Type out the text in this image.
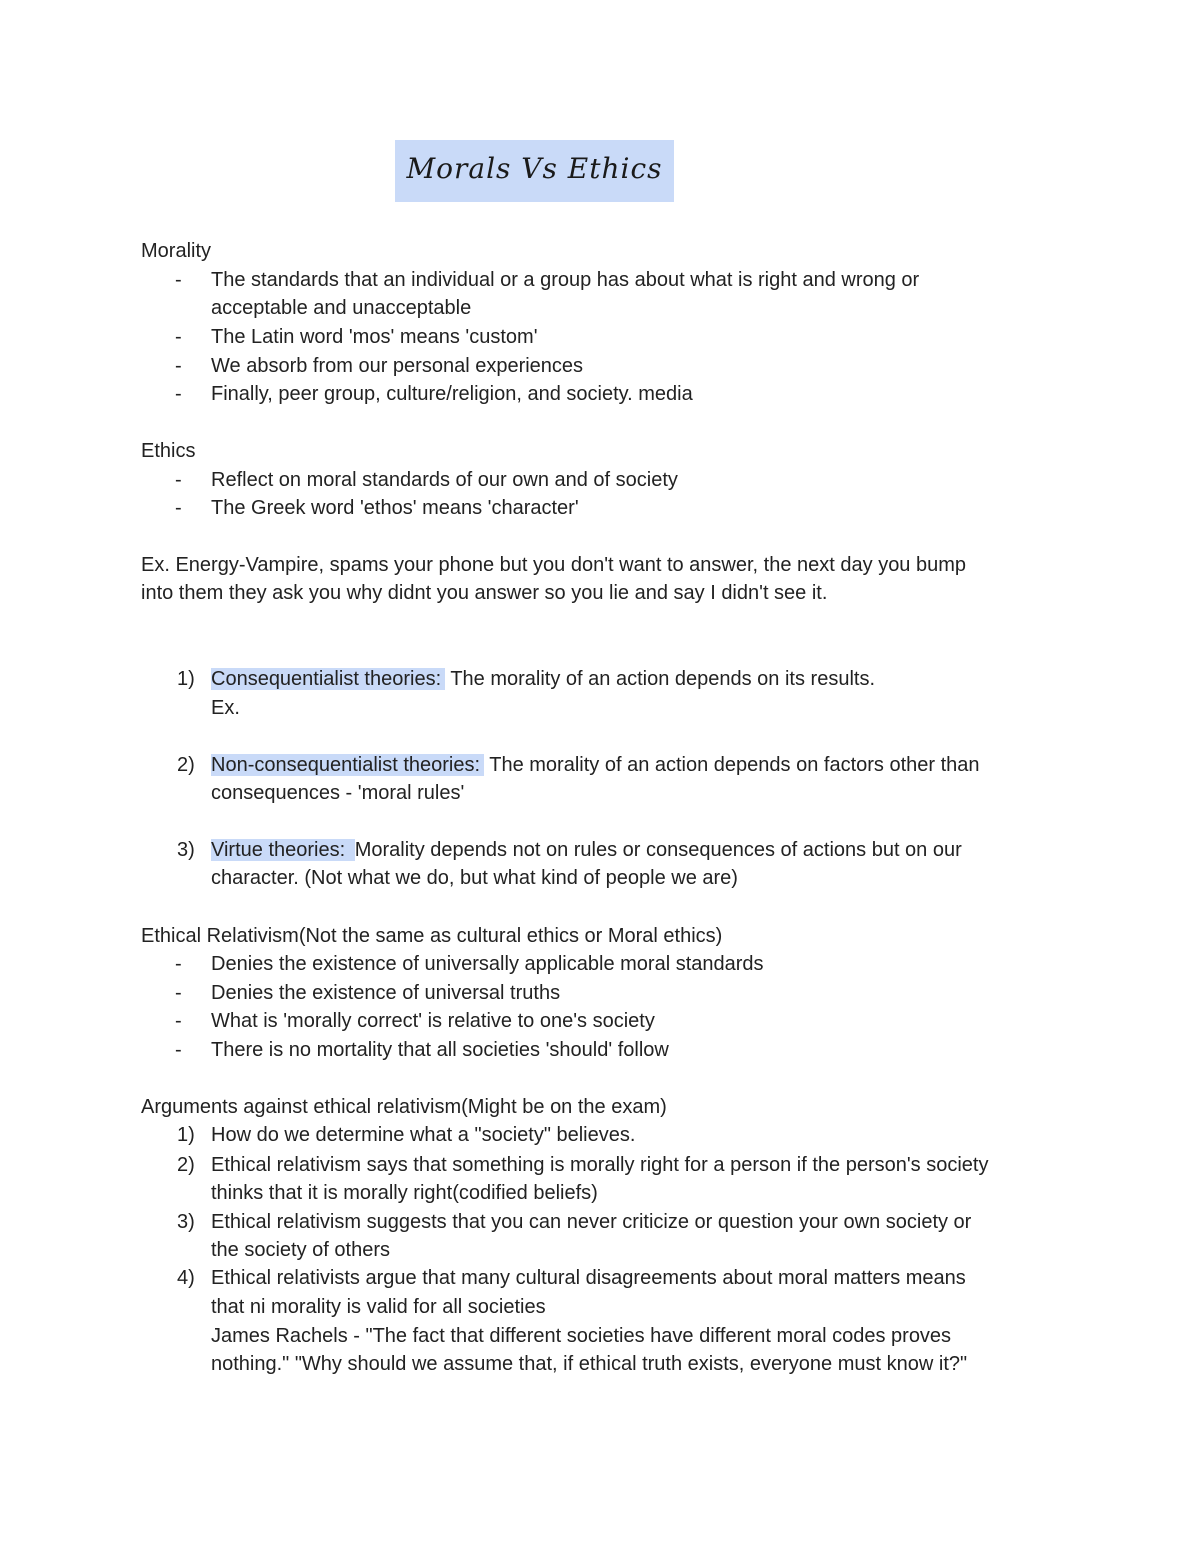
Morals Vs Ethics
Morality
-	The standards that an individual or a group has about what is right and wrong or
acceptable and unacceptable
-	The Latin word 'mos' means 'custom'
-	We absorb from our personal experiences
-	Finally, peer group, culture/religion, and society. media
Ethics
-	Reflect on moral standards of our own and of society
-	The Greek word 'ethos' means 'character'
Ex. Energy-Vampire, spams your phone but you don't want to answer, the next day you bump
into them they ask you why didnt you answer so you lie and say I didn't see it.
1) Consequentialist theories: The morality of an action depends on its results.
Ex.
2) Non-consequentialist theories: The morality of an action depends on factors other than
consequences - 'moral rules'
3) Virtue theories: Morality depends not on rules or consequences of actions but on our
character. (Not what we do, but what kind of people we are)
Ethical Relativism(Not the same as cultural ethics or Moral ethics)
-	Denies the existence of universally applicable moral standards
-	Denies the existence of universal truths
-	What is 'morally correct' is relative to one's society
-	There is no mortality that all societies 'should' follow
Arguments against ethical relativism(Might be on the exam)
1) How do we determine what a "society" believes.
2) Ethical relativism says that something is morally right for a person if the person's society
thinks that it is morally right(codified beliefs)
3) Ethical relativism suggests that you can never criticize or question your own society or
the society of others
4) Ethical relativists argue that many cultural disagreements about moral matters means
that ni morality is valid for all societies
James Rachels - "The fact that different societies have different moral codes proves
nothing." "Why should we assume that, if ethical truth exists, everyone must know it?"
